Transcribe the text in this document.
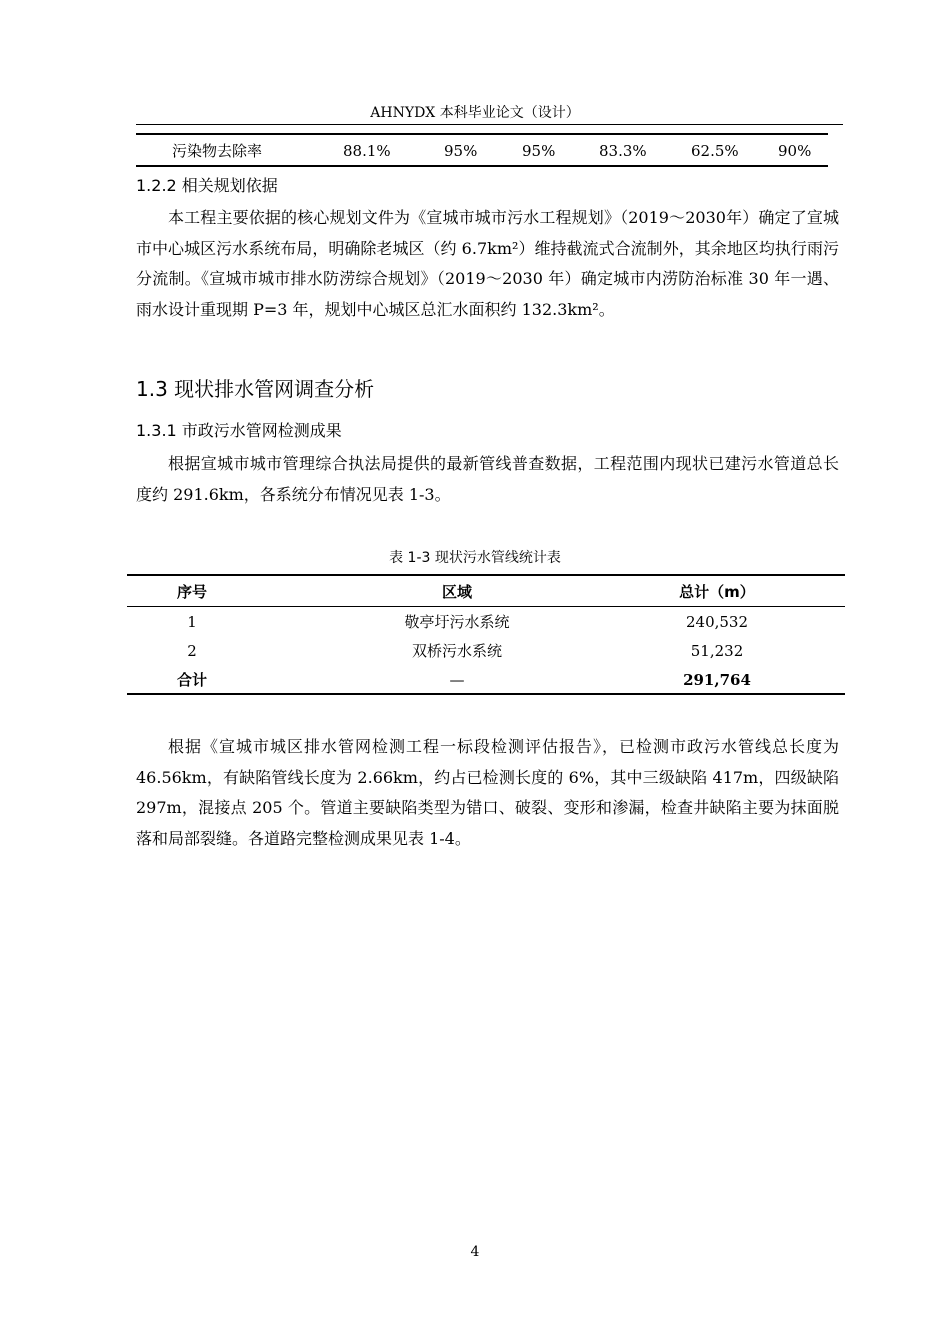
AHNYDX 本科毕业论文（设计）
污染物去除率	88.1%	95%	95%	83.3%	62.5%	90%
1.2.2 相关规划依据

本工程主要依据的核心规划文件为《宣城市城市污水工程规划》（2019～2030年）确定了宣城市中心城区污水系统布局，明确除老城区（约 6.7km²）维持截流式合流制外，其余地区均执行雨污分流制。《宣城市城市排水防涝综合规划》（2019～2030 年）确定城市内涝防治标准 30 年一遇、雨水设计重现期 P=3 年，规划中心城区总汇水面积约 132.3km²。

1.3 现状排水管网调查分析
1.3.1 市政污水管网检测成果

根据宣城市城市管理综合执法局提供的最新管线普查数据，工程范围内现状已建污水管道总长度约 291.6km，各系统分布情况见表 1-3。

表 1-3 现状污水管线统计表
序号	区域	总计（m）
1	敬亭圩污水系统	240,532
2	双桥污水系统	51,232
合计	—	291,764

根据《宣城市城区排水管网检测工程一标段检测评估报告》，已检测市政污水管线总长度为 46.56km，有缺陷管线长度为 2.66km，约占已检测长度的 6%，其中三级缺陷 417m，四级缺陷 297m，混接点 205 个。管道主要缺陷类型为错口、破裂、变形和渗漏，检查井缺陷主要为抹面脱落和局部裂缝。各道路完整检测成果见表 1-4。

4
